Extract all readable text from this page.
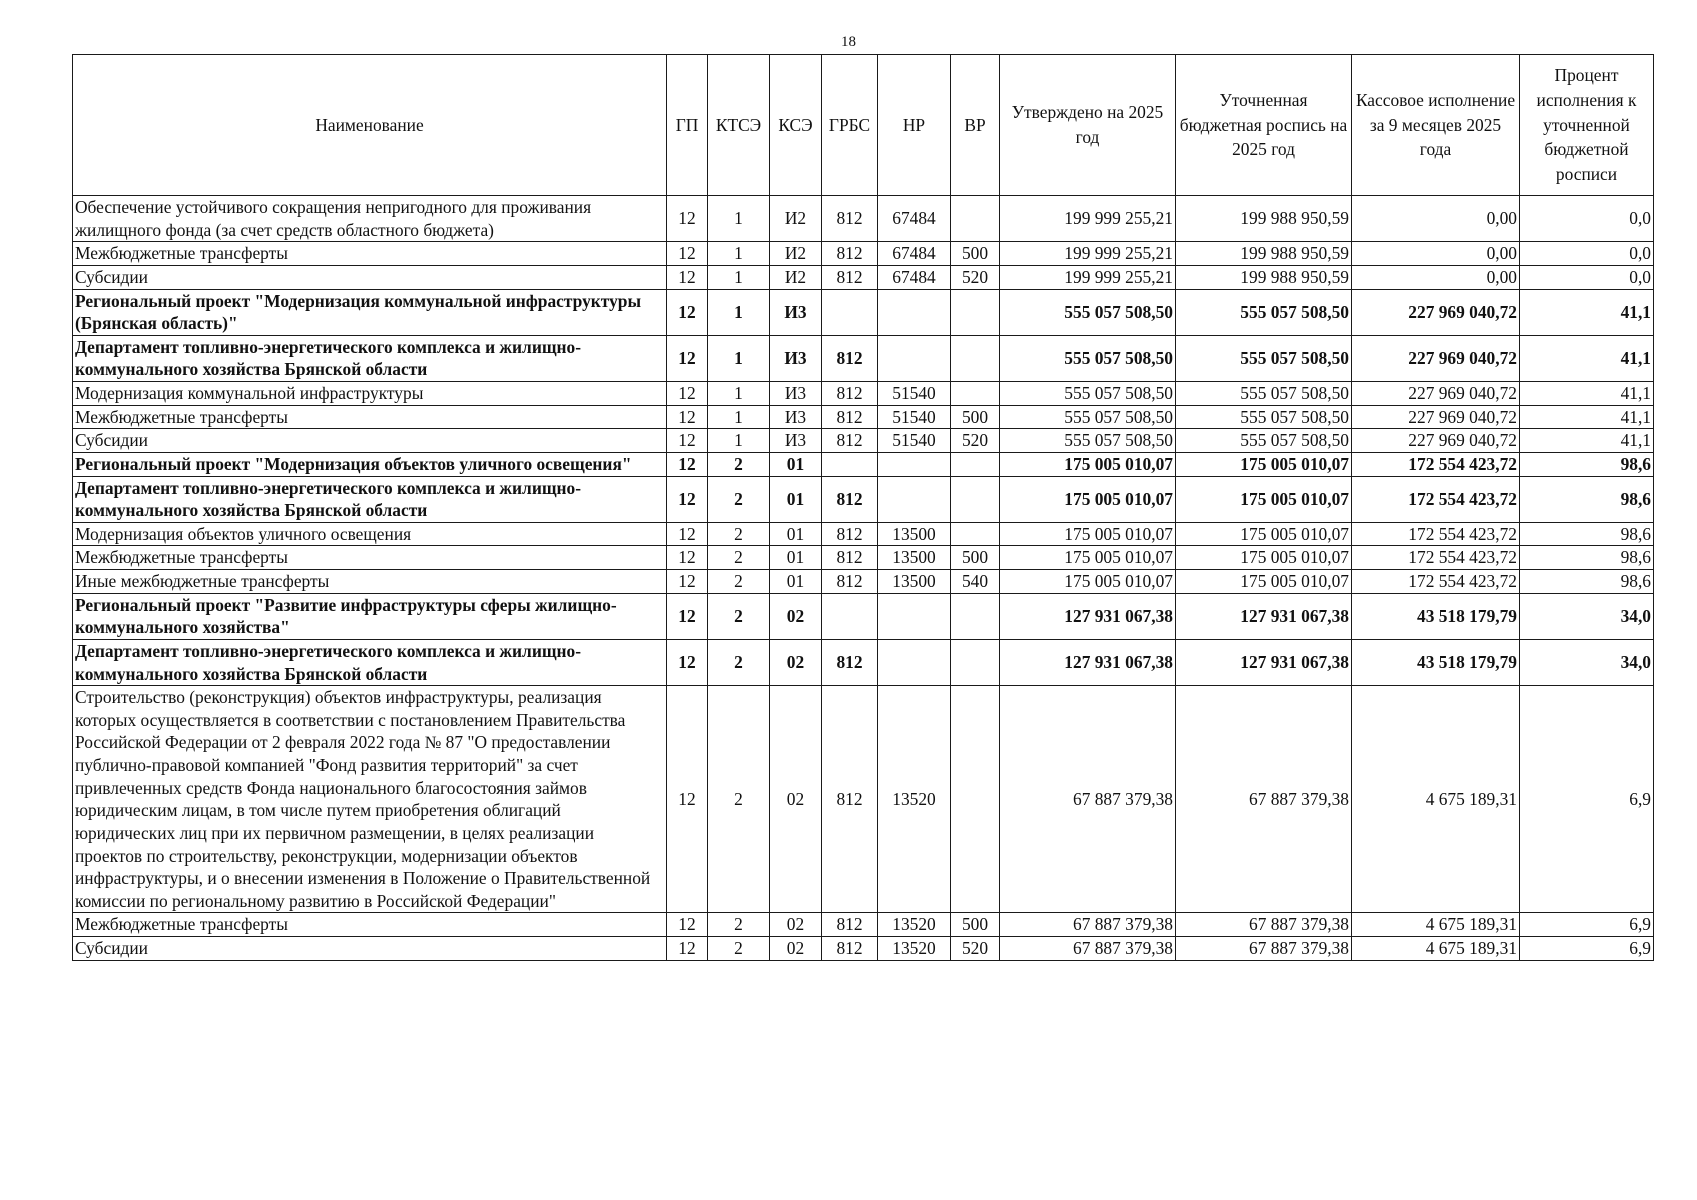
18
Наименование	ГП	КТСЭ	КСЭ	ГРБС	НР	ВР	Утверждено на 2025 год	Уточненная бюджетная роспись на 2025 год	Кассовое исполнение за 9 месяцев 2025 года	Процент исполнения к уточненной бюджетной росписи
Обеспечение устойчивого сокращения непригодного для проживания жилищного фонда (за счет средств областного бюджета)	12	1	И2	812	67484		199 999 255,21	199 988 950,59	0,00	0,0
Межбюджетные трансферты	12	1	И2	812	67484	500	199 999 255,21	199 988 950,59	0,00	0,0
Субсидии	12	1	И2	812	67484	520	199 999 255,21	199 988 950,59	0,00	0,0
Региональный проект "Модернизация коммунальной инфраструктуры (Брянская область)"	12	1	И3				555 057 508,50	555 057 508,50	227 969 040,72	41,1
Департамент топливно-энергетического комплекса и жилищно-коммунального хозяйства Брянской области	12	1	И3	812			555 057 508,50	555 057 508,50	227 969 040,72	41,1
Модернизация коммунальной инфраструктуры	12	1	И3	812	51540		555 057 508,50	555 057 508,50	227 969 040,72	41,1
Межбюджетные трансферты	12	1	И3	812	51540	500	555 057 508,50	555 057 508,50	227 969 040,72	41,1
Субсидии	12	1	И3	812	51540	520	555 057 508,50	555 057 508,50	227 969 040,72	41,1
Региональный проект "Модернизация объектов уличного освещения"	12	2	01				175 005 010,07	175 005 010,07	172 554 423,72	98,6
Департамент топливно-энергетического комплекса и жилищно-коммунального хозяйства Брянской области	12	2	01	812			175 005 010,07	175 005 010,07	172 554 423,72	98,6
Модернизация объектов уличного освещения	12	2	01	812	13500		175 005 010,07	175 005 010,07	172 554 423,72	98,6
Межбюджетные трансферты	12	2	01	812	13500	500	175 005 010,07	175 005 010,07	172 554 423,72	98,6
Иные межбюджетные трансферты	12	2	01	812	13500	540	175 005 010,07	175 005 010,07	172 554 423,72	98,6
Региональный проект "Развитие инфраструктуры сферы жилищно-коммунального хозяйства"	12	2	02				127 931 067,38	127 931 067,38	43 518 179,79	34,0
Департамент топливно-энергетического комплекса и жилищно-коммунального хозяйства Брянской области	12	2	02	812			127 931 067,38	127 931 067,38	43 518 179,79	34,0
Строительство (реконструкция) объектов инфраструктуры, реализация которых осуществляется в соответствии с постановлением Правительства Российской Федерации от 2 февраля 2022 года № 87 "О предоставлении публично-правовой компанией "Фонд развития территорий" за счет привлеченных средств Фонда национального благосостояния займов юридическим лицам, в том числе путем приобретения облигаций юридических лиц при их первичном размещении, в целях реализации проектов по строительству, реконструкции, модернизации объектов инфраструктуры, и о внесении изменения в Положение о Правительственной комиссии по региональному развитию в Российской Федерации"	12	2	02	812	13520		67 887 379,38	67 887 379,38	4 675 189,31	6,9
Межбюджетные трансферты	12	2	02	812	13520	500	67 887 379,38	67 887 379,38	4 675 189,31	6,9
Субсидии	12	2	02	812	13520	520	67 887 379,38	67 887 379,38	4 675 189,31	6,9
